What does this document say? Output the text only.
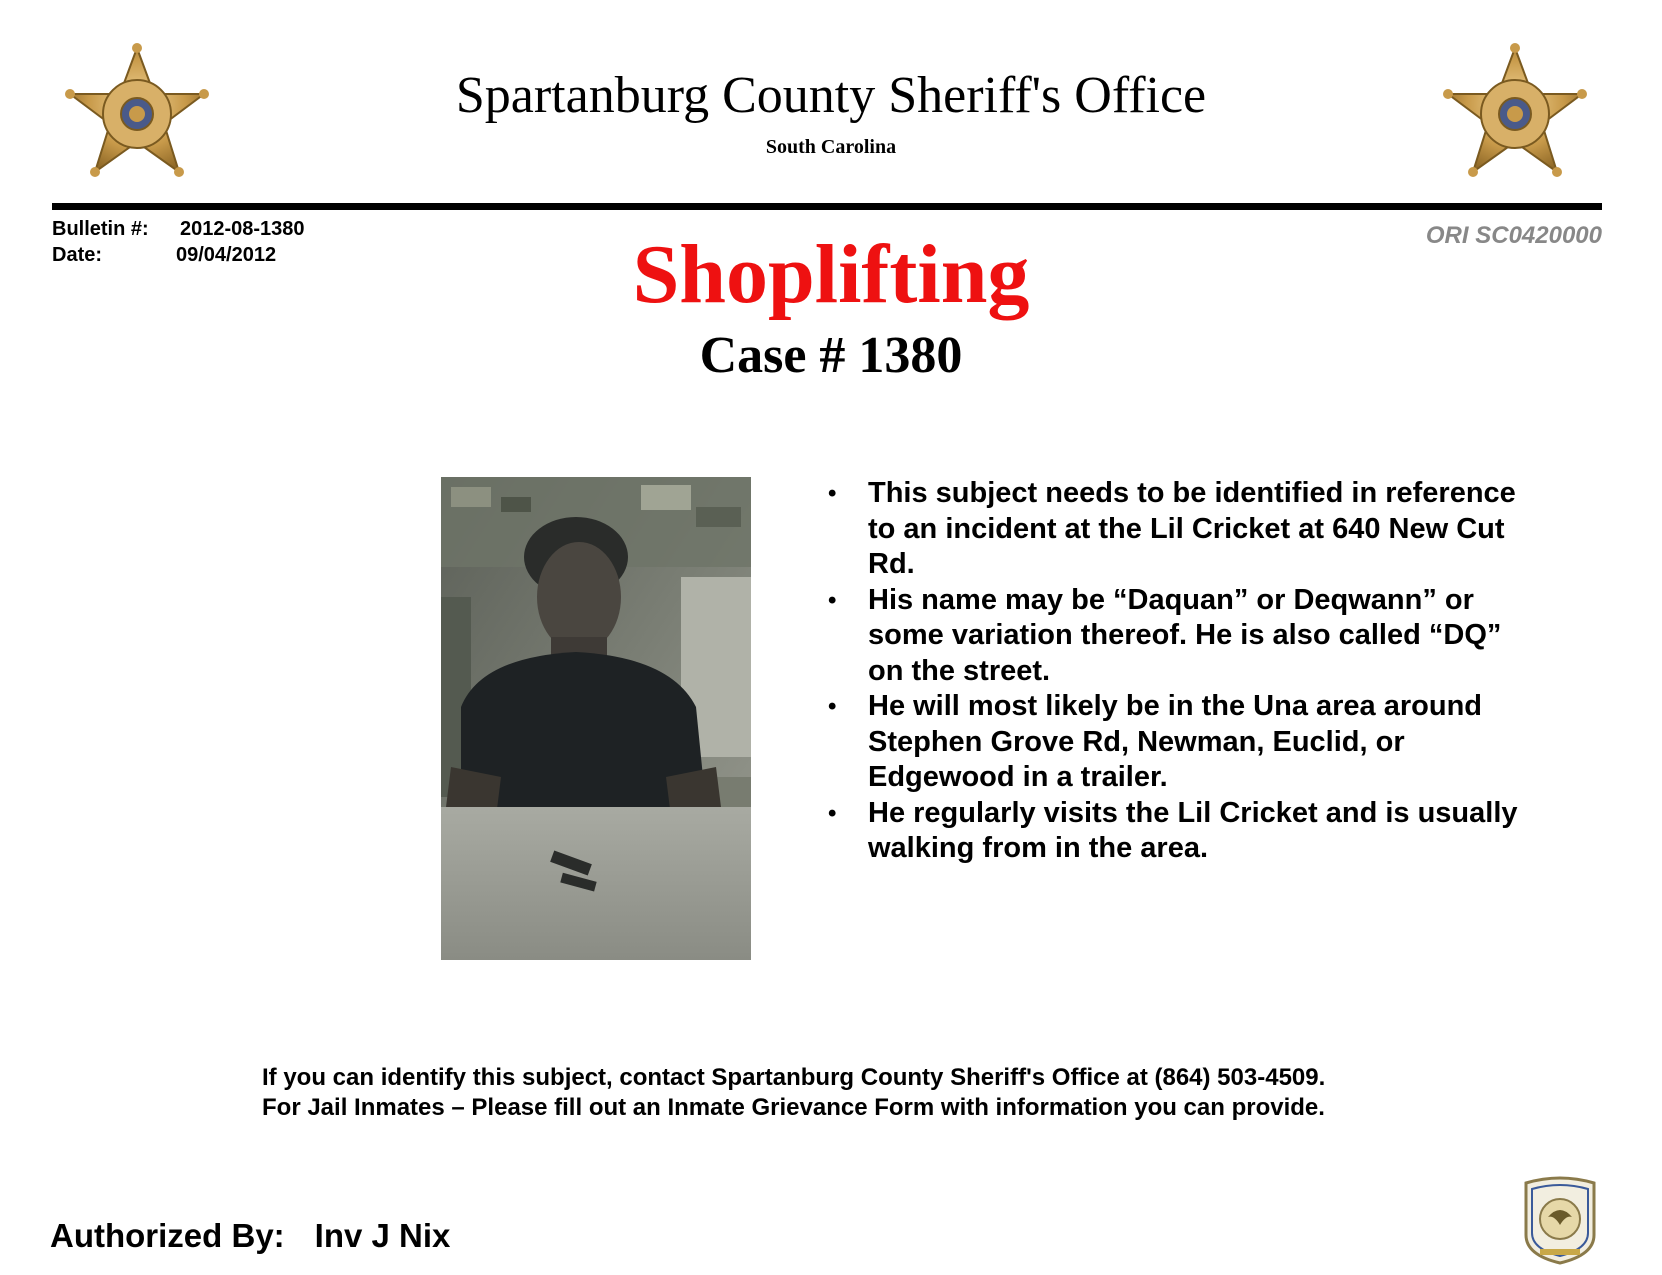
Spartanburg County Sheriff's Office
South Carolina
Bulletin #: 2012-08-1380
Date:	09/04/2012
ORI SC0420000
Shoplifting
Case # 1380
• This subject needs to be identified in reference to an incident at the Lil Cricket at 640 New Cut Rd.
• His name may be “Daquan” or Deqwann” or some variation thereof. He is also called “DQ” on the street.
• He will most likely be in the Una area around Stephen Grove Rd, Newman, Euclid, or Edgewood in a trailer.
• He regularly visits the Lil Cricket and is usually walking from in the area.
If you can identify this subject, contact Spartanburg County Sheriff's Office at (864) 503-4509.
For Jail Inmates – Please fill out an Inmate Grievance Form with information you can provide.
Authorized By: Inv J Nix
